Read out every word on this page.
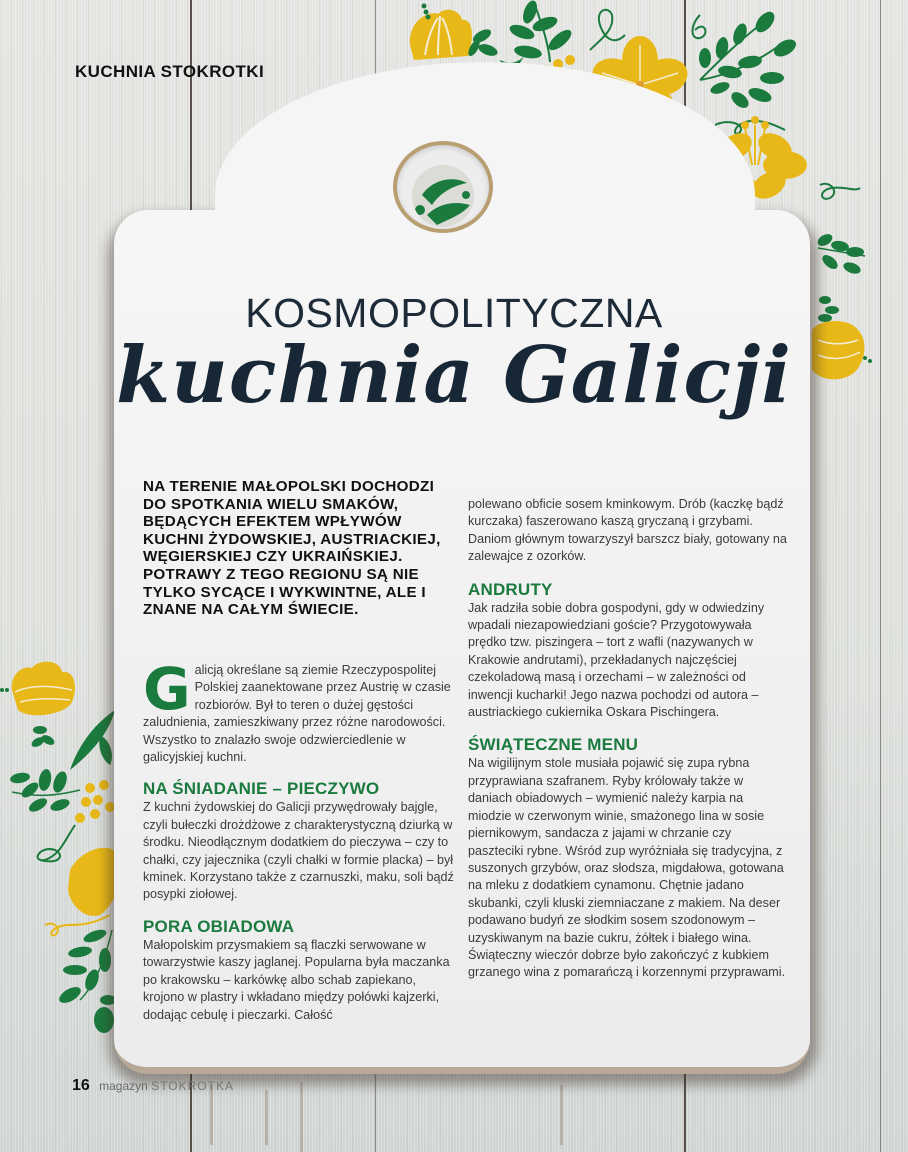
KUCHNIA STOKROTKI
KOSMOPOLITYCZNA
kuchnia Galicji
NA TERENIE MAŁOPOLSKI DOCHODZI DO SPOTKANIA WIELU SMAKÓW, BĘDĄCYCH EFEKTEM WPŁYWÓW KUCHNI ŻYDOWSKIEJ, AUSTRIACKIEJ, WĘGIERSKIEJ CZY UKRAIŃSKIEJ. POTRAWY Z TEGO REGIONU SĄ NIE TYLKO SYCĄCE I WYKWINTNE, ALE I ZNANE NA CAŁYM ŚWIECIE.

Galicją określane są ziemie Rzeczypospolitej Polskiej zaanektowane przez Austrię w czasie rozbiorów. Był to teren o dużej gęstości zaludnienia, zamieszkiwany przez różne narodowości. Wszystko to znalazło swoje odzwierciedlenie w galicyjskiej kuchni.

NA ŚNIADANIE – PIECZYWO

Z kuchni żydowskiej do Galicji przywędrowały bajgle, czyli bułeczki drożdżowe z charakterystyczną dziurką w środku. Nieodłącznym dodatkiem do pieczywa – czy to chałki, czy jajecznika (czyli chałki w formie placka) – był kminek. Korzystano także z czarnuszki, maku, soli bądź posypki ziołowej.

PORA OBIADOWA

Małopolskim przysmakiem są flaczki serwowane w towarzystwie kaszy jaglanej. Popularna była maczanka po krakowsku – karkówkę albo schab zapiekano, krojono w plastry i wkładano między połówki kajzerki, dodając cebulę i pieczarki. Całość

polewano obficie sosem kminkowym. Drób (kaczkę bądź kurczaka) faszerowano kaszą gryczaną i grzybami. Daniom głównym towarzyszył barszcz biały, gotowany na zalewajce z ozorków.

ANDRUTY

Jak radziła sobie dobra gospodyni, gdy w odwiedziny wpadali niezapowiedziani goście? Przygotowywała prędko tzw. piszingera – tort z wafli (nazywanych w Krakowie andrutami), przekładanych najczęściej czekoladową masą i orzechami – w zależności od inwencji kucharki! Jego nazwa pochodzi od autora – austriackiego cukiernika Oskara Pischingera.

ŚWIĄTECZNE MENU

Na wigilijnym stole musiała pojawić się zupa rybna przyprawiana szafranem. Ryby królowały także w daniach obiadowych – wymienić należy karpia na miodzie w czerwonym winie, smażonego lina w sosie piernikowym, sandacza z jajami w chrzanie czy paszteciki rybne. Wśród zup wyróżniała się tradycyjna, z suszonych grzybów, oraz słodsza, migdałowa, gotowana na mleku z dodatkiem cynamonu. Chętnie jadano skubanki, czyli kluski ziemniaczane z makiem. Na deser podawano budyń ze słodkim sosem szodonowym – uzyskiwanym na bazie cukru, żółtek i białego wina. Świąteczny wieczór dobrze było zakończyć z kubkiem grzanego wina z pomarańczą i korzennymi przyprawami.

16 magazyn STOKROTKA
